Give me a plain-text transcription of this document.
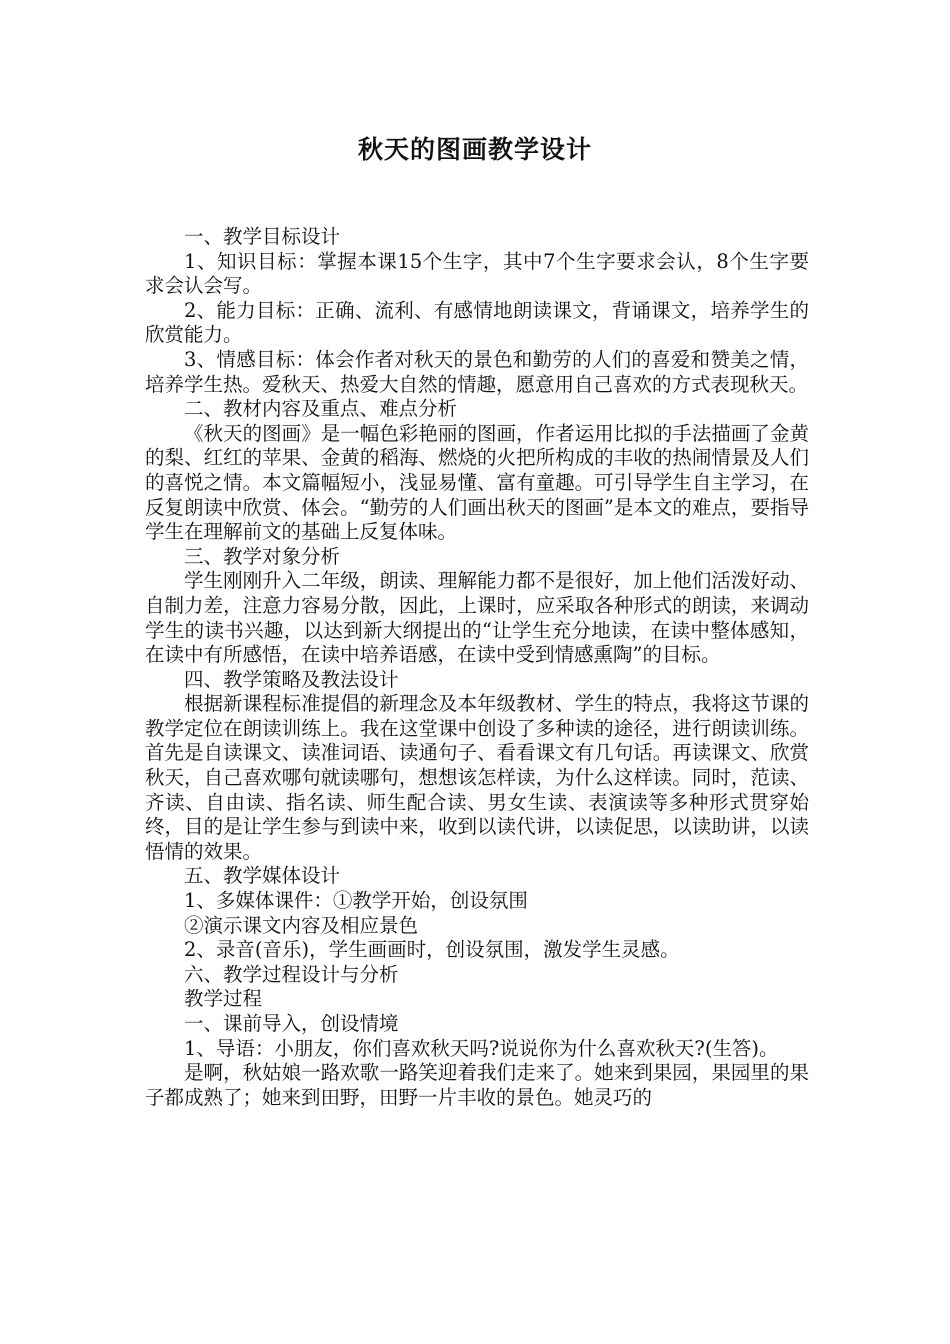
秋天的图画教学设计

一、教学目标设计

1、知识目标：掌握本课15个生字，其中7个生字要求会认，8个生字要求会认会写。

2、能力目标：正确、流利、有感情地朗读课文，背诵课文，培养学生的欣赏能力。

3、情感目标：体会作者对秋天的景色和勤劳的人们的喜爱和赞美之情，培养学生热。爱秋天、热爱大自然的情趣，愿意用自己喜欢的方式表现秋天。

二、教材内容及重点、难点分析

《秋天的图画》是一幅色彩艳丽的图画，作者运用比拟的手法描画了金黄的梨、红红的苹果、金黄的稻海、燃烧的火把所构成的丰收的热闹情景及人们的喜悦之情。本文篇幅短小，浅显易懂、富有童趣。可引导学生自主学习，在反复朗读中欣赏、体会。“勤劳的人们画出秋天的图画”是本文的难点，要指导学生在理解前文的基础上反复体味。

三、教学对象分析

学生刚刚升入二年级，朗读、理解能力都不是很好，加上他们活泼好动、自制力差，注意力容易分散，因此，上课时，应采取各种形式的朗读，来调动学生的读书兴趣，以达到新大纲提出的“让学生充分地读，在读中整体感知，在读中有所感悟，在读中培养语感，在读中受到情感熏陶”的目标。

四、教学策略及教法设计

根据新课程标准提倡的新理念及本年级教材、学生的特点，我将这节课的教学定位在朗读训练上。我在这堂课中创设了多种读的途径，进行朗读训练。首先是自读课文、读准词语、读通句子、看看课文有几句话。再读课文、欣赏秋天，自己喜欢哪句就读哪句，想想该怎样读，为什么这样读。同时，范读、齐读、自由读、指名读、师生配合读、男女生读、表演读等多种形式贯穿始终，目的是让学生参与到读中来，收到以读代讲，以读促思，以读助讲，以读悟情的效果。

五、教学媒体设计

1、多媒体课件：①教学开始，创设氛围

②演示课文内容及相应景色

2、录音(音乐)，学生画画时，创设氛围，激发学生灵感。

六、教学过程设计与分析

教学过程

一、课前导入，创设情境

1、导语：小朋友，你们喜欢秋天吗?说说你为什么喜欢秋天?(生答)。

是啊，秋姑娘一路欢歌一路笑迎着我们走来了。她来到果园，果园里的果子都成熟了；她来到田野，田野一片丰收的景色。她灵巧的
